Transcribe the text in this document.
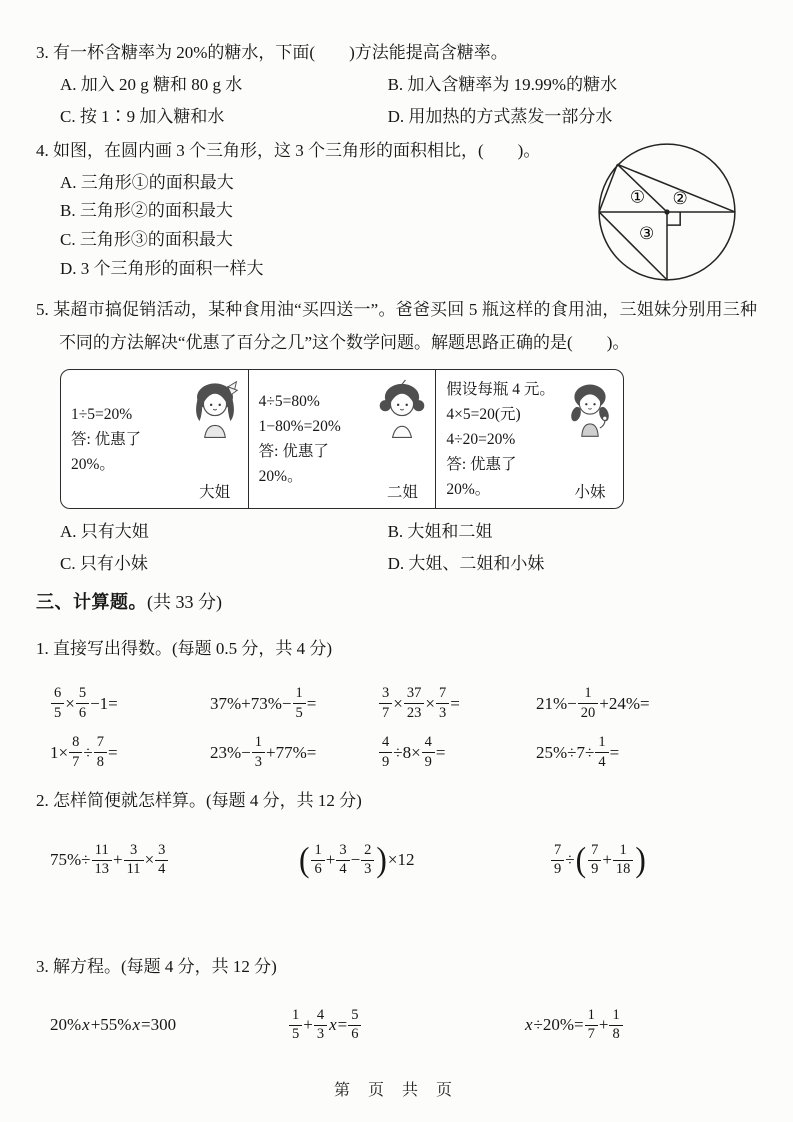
3. 有一杯含糖率为 20%的糖水，下面(　　)方法能提高含糖率。

A. 加入 20 g 糖和 80 g 水	B. 加入含糖率为 19.99%的糖水
C. 按 1∶9 加入糖和水	D. 用加热的方式蒸发一部分水

4. 如图，在圆内画 3 个三角形，这 3 个三角形的面积相比，(　　)。

A. 三角形①的面积最大
B. 三角形②的面积最大
C. 三角形③的面积最大
D. 3 个三角形的面积一样大
① ②
③

5. 某超市搞促销活动，某种食用油“买四送一”。爸爸买回 5 瓶这样的食用油，三姐妹分别用三种不同的方法解决“优惠了百分之几”这个数学问题。解题思路正确的是(　　)。

1÷5=20%
答: 优惠了 20%。
大姐
4÷5=80%
1−80%=20%
答: 优惠了 20%。
二姐
假设每瓶 4 元。
4×5=20(元)
4÷20=20%
答: 优惠了 20%。	小妹
A. 只有大姐	B. 大姐和二姐
C. 只有小妹	D. 大姐、二姐和小妹

三、计算题。(共 33 分)

1. 直接写出得数。(每题 0.5 分，共 4 分)

$\frac{6}{5} \times \frac{5}{6} -1=$	$37\%+73\%- \frac{1}{5}$ =	$\frac{3}{7} \times \frac{37}{23} \times \frac{7}{3}$ =	$21\%- \frac{1}{20} +24\%=$
$1\times \frac{8}{7} \div \frac{7}{8}$ =	$23\%- \frac{1}{3} +77\%=$	$\frac{4}{9} \div 8\times \frac{4}{9}$ =	$25\%\div 7\div \frac{1}{4}$ =

2. 怎样简便就怎样算。(每题 4 分，共 12 分)

$75\%\div \frac{11}{13} + \frac{3}{11} \times \frac{3}{4}$	( $\frac{1}{6} + \frac{3}{4} - \frac{2}{3}$ ) ×12	$\frac{7}{9}$ ÷ ( $\frac{7}{9} + \frac{1}{18}$ )

3. 解方程。(每题 4 分，共 12 分)

20% x +55% x =300	$\frac{1}{5} + \frac{4}{3}$ $x = \frac{5}{6}$	$x \div 20\%= \frac{1}{7} + \frac{1}{8}$
第 页 共 页
